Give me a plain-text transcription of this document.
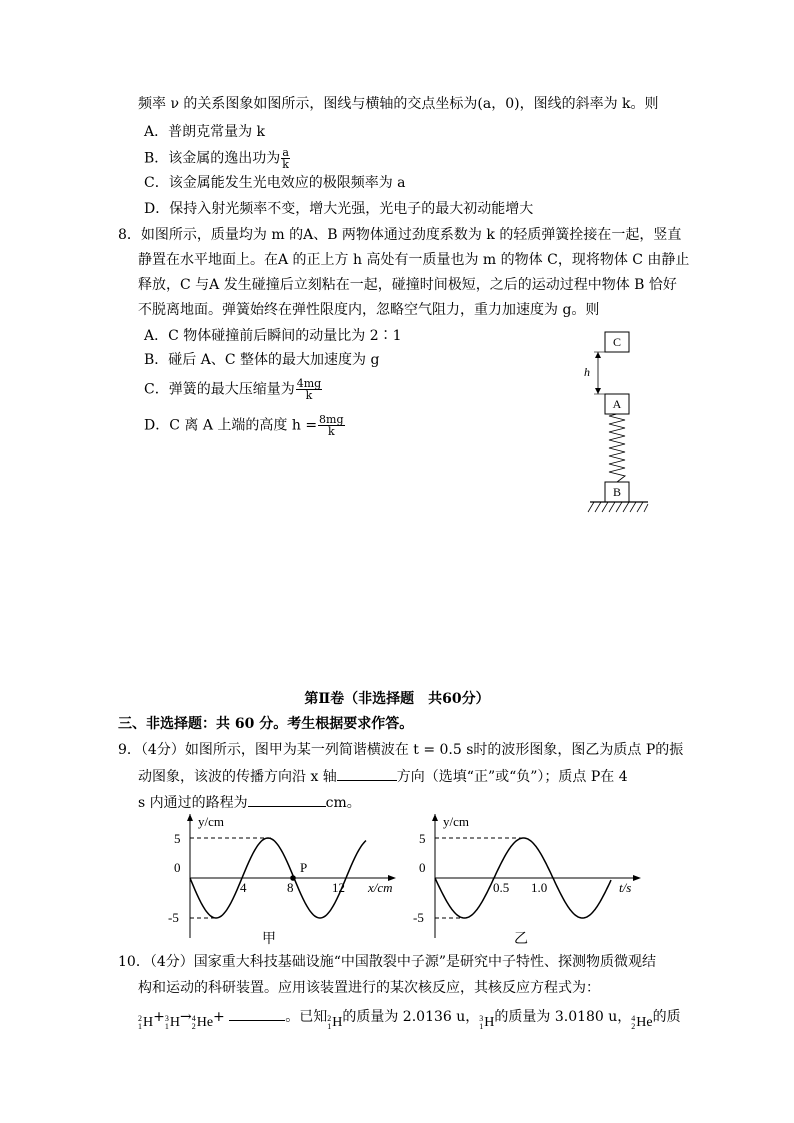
频率 ν 的关系图象如图所示，图线与横轴的交点坐标为(a，0)，图线的斜率为 k。则
A．普朗克常量为 k
B．该金属的逸出功为 $\frac{a}{k}$
C．该金属能发生光电效应的极限频率为 a
D．保持入射光频率不变，增大光强，光电子的最大初动能增大
8．如图所示，质量均为 m 的A、B 两物体通过劲度系数为 k 的轻质弹簧拴接在一起，竖直
静置在水平地面上。在A 的正上方 h 高处有一质量也为 m 的物体 C，现将物体 C 由静止
释放，C 与A 发生碰撞后立刻粘在一起，碰撞时间极短，之后的运动过程中物体 B 恰好
不脱离地面。弹簧始终在弹性限度内，忽略空气阻力，重力加速度为 g。则
A．C 物体碰撞前后瞬间的动量比为 2∶1
B．碰后 A、C 整体的最大加速度为 g
C．弹簧的最大压缩量为 $\frac{4mg}{k}$
D．C 离 A 上端的高度 $h = \frac{8mg}{k}$
C
h
A
B
第Ⅱ卷（非选择题　共60分）
三、非选择题：共 60 分。考生根据要求作答。
9．（4分）如图所示，图甲为某一列简谐横波在 t = 0.5 s时的波形图象，图乙为质点 P的振
动图象，该波的传播方向沿 x 轴	方向（选填“正”或“负”）；质点 P在 4
s 内通过的路程为	cm。
y/cm
x/cm
5
0
-5
P
4	8	12
甲
y/cm
t/s
5
0
-5
0.5 1.0
乙
10．（4分）国家重大科技基础设施“中国散裂中子源”是研究中子特性、探测物质微观结
构和运动的科研装置。应用该装置进行的某次核反应，其核反应方程式为：
2
1 H + 3
1 H → 4
2 He +	。已知 2
1 H 的质量为 2.0136 u， 3
1 H 的质量为 3.0180 u， 4
2 He 的质
